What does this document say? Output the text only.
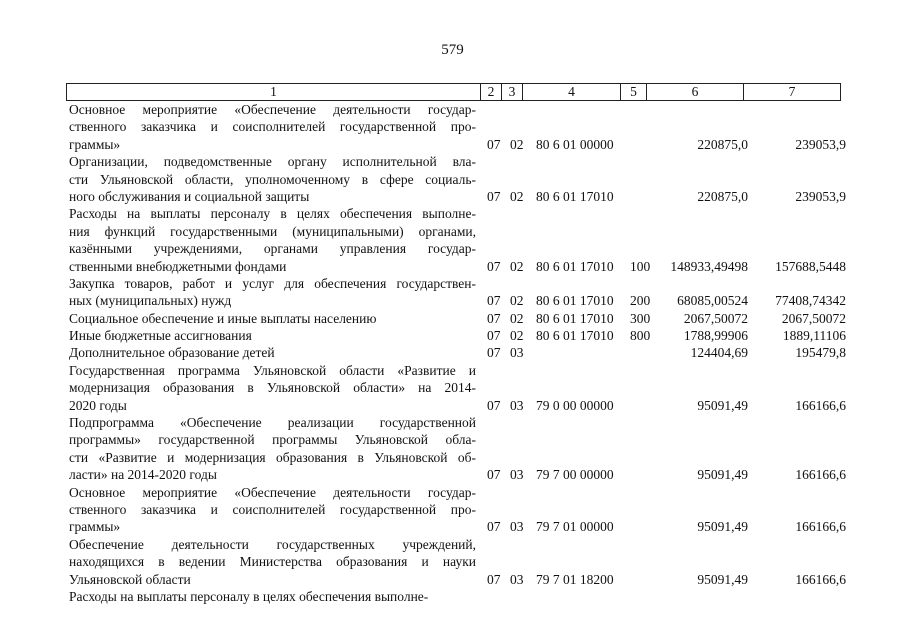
579
1	2	3	4	5	6	7
Основное мероприятие «Обеспечение деятельности государ-
ственного заказчика и соисполнителей государственной про-
граммы»	07 02 80 6 01 00000	220875,0	239053,9
Организации, подведомственные органу исполнительной вла-
сти Ульяновской области, уполномоченному в сфере социаль-
ного обслуживания и социальной защиты	07 02 80 6 01 17010	220875,0	239053,9
Расходы на выплаты персоналу в целях обеспечения выполне-
ния функций государственными (муниципальными) органами,
казёнными учреждениями, органами управления государ-
ственными внебюджетными фондами	07 02 80 6 01 17010 100 148933,49498 157688,5448
Закупка товаров, работ и услуг для обеспечения государствен-
ных (муниципальных) нужд	07 02 80 6 01 17010 200 68085,00524 77408,74342
Социальное обеспечение и иные выплаты населению	07 02 80 6 01 17010 300 2067,50072	2067,50072
Иные бюджетные ассигнования	07 02 80 6 01 17010 800 1788,99906	1889,11106
Дополнительное образование детей	07 03	124404,69	195479,8
Государственная программа Ульяновской области «Развитие и
модернизация образования в Ульяновской области» на 2014-
2020 годы	07 03 79 0 00 00000	95091,49	166166,6
Подпрограмма «Обеспечение реализации государственной
программы» государственной программы Ульяновской обла-
сти «Развитие и модернизация образования в Ульяновской об-
ласти» на 2014-2020 годы	07 03 79 7 00 00000	95091,49	166166,6
Основное мероприятие «Обеспечение деятельности государ-
ственного заказчика и соисполнителей государственной про-
граммы»	07 03 79 7 01 00000	95091,49	166166,6
Обеспечение деятельности государственных учреждений,
находящихся в ведении Министерства образования и науки
Ульяновской области	07 03 79 7 01 18200	95091,49	166166,6
Расходы на выплаты персоналу в целях обеспечения выполне-
